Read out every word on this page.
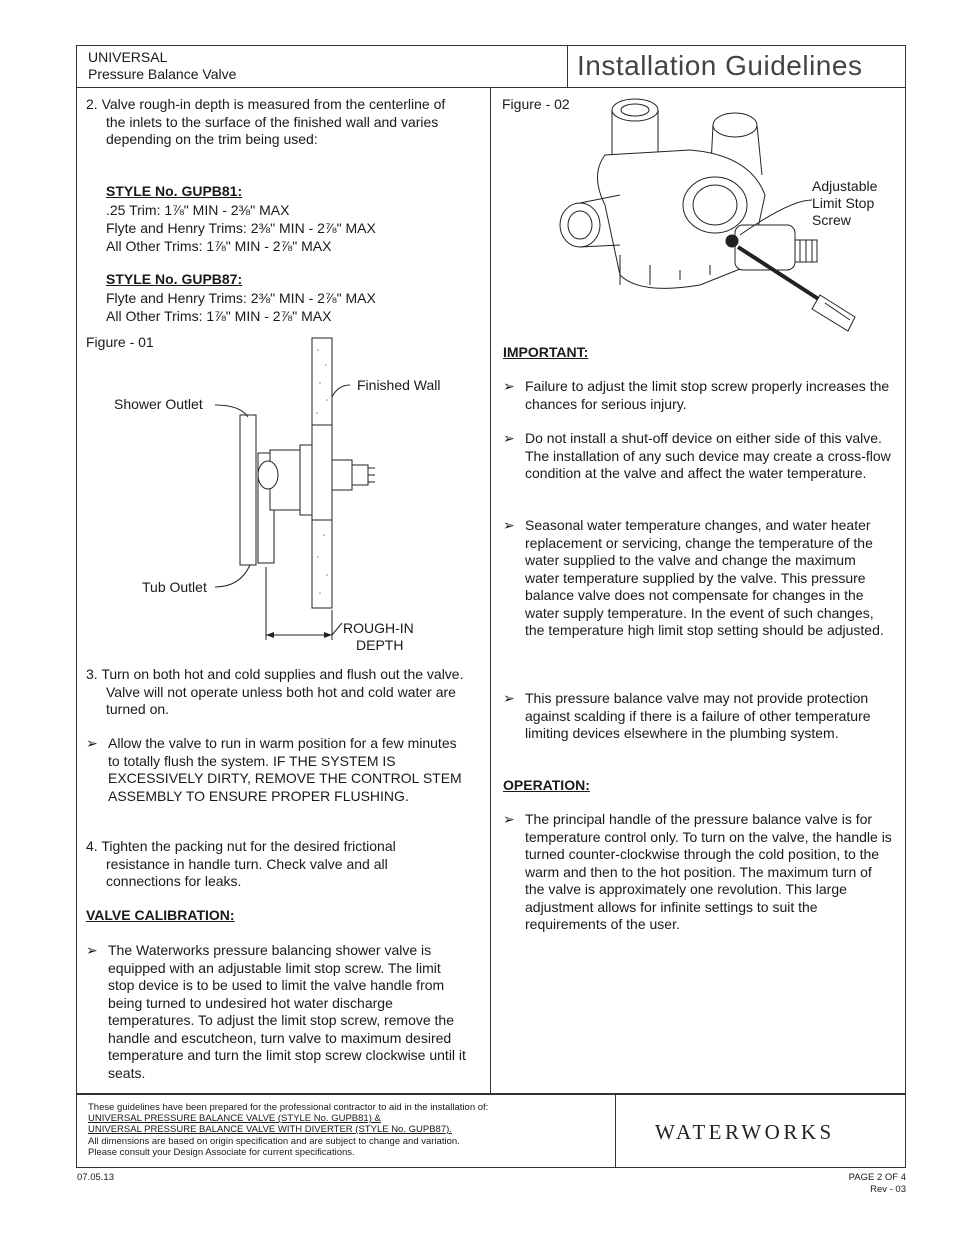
UNIVERSAL
Pressure Balance Valve	Installation Guidelines
2. Valve rough-in depth is measured from the centerline of the inlets to the surface of the finished wall and varies depending on the trim being used:
STYLE No. GUPB81:
.25 Trim: 1⅞" MIN - 2⅜" MAX
Flyte and Henry Trims: 2⅜" MIN - 2⅞" MAX
All Other Trims: 1⅞" MIN - 2⅞" MAX
STYLE No. GUPB87:
Flyte and Henry Trims: 2⅜" MIN - 2⅞" MAX
All Other Trims: 1⅞" MIN - 2⅞" MAX
Figure - 01
Finished Wall
Shower Outlet
Tub Outlet
ROUGH-IN
DEPTH
3. Turn on both hot and cold supplies and flush out the valve. Valve will not operate unless both hot and cold water are turned on.
➢ Allow the valve to run in warm position for a few minutes to totally flush the system. IF THE SYSTEM IS EXCESSIVELY DIRTY, REMOVE THE CONTROL STEM ASSEMBLY TO ENSURE PROPER FLUSHING.
4. Tighten the packing nut for the desired frictional resistance in handle turn. Check valve and all connections for leaks.
VALVE CALIBRATION:
➢ The Waterworks pressure balancing shower valve is equipped with an adjustable limit stop screw. The limit stop device is to be used to limit the valve handle from being turned to undesired hot water discharge temperatures. To adjust the limit stop screw, remove the handle and escutcheon, turn valve to maximum desired temperature and turn the limit stop screw clockwise until it seats.
Figure - 02
Adjustable
Limit Stop
Screw
IMPORTANT:
➢ Failure to adjust the limit stop screw properly increases the chances for serious injury.
➢ Do not install a shut-off device on either side of this valve. The installation of any such device may create a cross-flow condition at the valve and affect the water temperature.
➢ Seasonal water temperature changes, and water heater replacement or servicing, change the temperature of the water supplied to the valve and change the maximum water temperature supplied by the valve. This pressure balance valve does not compensate for changes in the water supply temperature. In the event of such changes, the temperature high limit stop setting should be adjusted.
➢ This pressure balance valve may not provide protection against scalding if there is a failure of other temperature limiting devices elsewhere in the plumbing system.
OPERATION:
➢ The principal handle of the pressure balance valve is for temperature control only. To turn on the valve, the handle is turned counter-clockwise through the cold position, to the warm and then to the hot position. The maximum turn of the valve is approximately one revolution. This large adjustment allows for infinite settings to suit the requirements of the user.
These guidelines have been prepared for the professional contractor to aid in the installation of:
UNIVERSAL PRESSURE BALANCE VALVE (STYLE No. GUPB81) &
UNIVERSAL PRESSURE BALANCE VALVE WITH DIVERTER (STYLE No. GUPB87).
All dimensions are based on origin specification and are subject to change and variation.
Please consult your Design Associate for current specifications.
WATERWORKS
07.05.13	PAGE 2 OF 4
Rev - 03
